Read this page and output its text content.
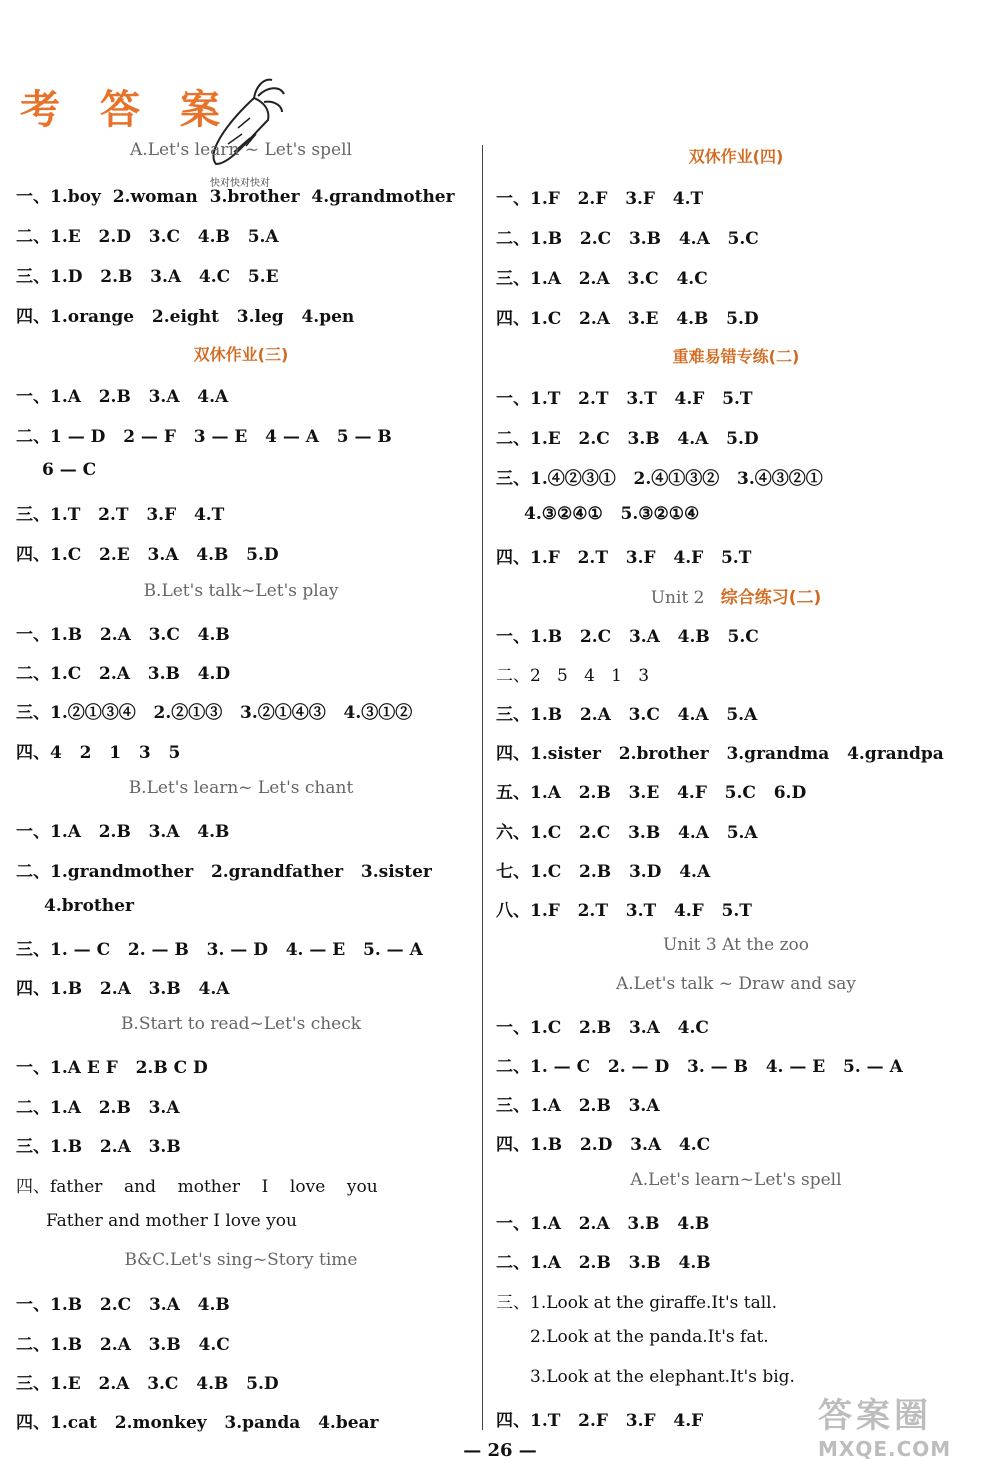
考 答 案
快对快对快对
A.Let's learn ~ Let's spell
一、1.boy 2.woman 3.brother 4.grandmother
二、1.E 2.D 3.C 4.B 5.A
三、1.D 2.B 3.A 4.C 5.E
四、1.orange 2.eight 3.leg 4.pen
双休作业(三)
一、1.A 2.B 3.A 4.A
二、1 — D 2 — F 3 — E 4 — A 5 — B
6 — C
三、1.T 2.T 3.F 4.T
四、1.C 2.E 3.A 4.B 5.D
B.Let's talk~Let's play
一、1.B 2.A 3.C 4.B
二、1.C 2.A 3.B 4.D
三、1.②①③④ 2.②①③ 3.②①④③ 4.③①②
四、4 2 1 3 5
B.Let's learn~ Let's chant
一、1.A 2.B 3.A 4.B
二、1.grandmother 2.grandfather 3.sister
4.brother
三、1. — C 2. — B 3. — D 4. — E 5. — A
四、1.B 2.A 3.B 4.A
B.Start to read~Let's check
一、1.A E F 2.B C D
二、1.A 2.B 3.A
三、1.B 2.A 3.B
四、father and mother I love you
Father and mother I love you
B&C.Let's sing~Story time
一、1.B 2.C 3.A 4.B
二、1.B 2.A 3.B 4.C
三、1.E 2.A 3.C 4.B 5.D
四、1.cat 2.monkey 3.panda 4.bear
双休作业(四)
一、1.F 2.F 3.F 4.T
二、1.B 2.C 3.B 4.A 5.C
三、1.A 2.A 3.C 4.C
四、1.C 2.A 3.E 4.B 5.D
重难易错专练(二)
一、1.T 2.T 3.T 4.F 5.T
二、1.E 2.C 3.B 4.A 5.D
三、1.④②③① 2.④①③② 3.④③②①
4.③②④① 5.③②①④
四、1.F 2.T 3.F 4.F 5.T
Unit 2 综合练习(二)
一、1.B 2.C 3.A 4.B 5.C
二、2 5 4 1 3
三、1.B 2.A 3.C 4.A 5.A
四、1.sister 2.brother 3.grandma 4.grandpa
五、1.A 2.B 3.E 4.F 5.C 6.D
六、1.C 2.C 3.B 4.A 5.A
七、1.C 2.B 3.D 4.A
八、1.F 2.T 3.T 4.F 5.T
Unit 3 At the zoo
A.Let's talk ~ Draw and say
一、1.C 2.B 3.A 4.C
二、1. — C 2. — D 3. — B 4. — E 5. — A
三、1.A 2.B 3.A
四、1.B 2.D 3.A 4.C
A.Let's learn~Let's spell
一、1.A 2.A 3.B 4.B
二、1.A 2.B 3.B 4.B
三、1.Look at the giraffe.It's tall.
2.Look at the panda.It's fat.
3.Look at the elephant.It's big.
四、1.T 2.F 3.F 4.F
— 26 —
答案圈
MXQE.COM
